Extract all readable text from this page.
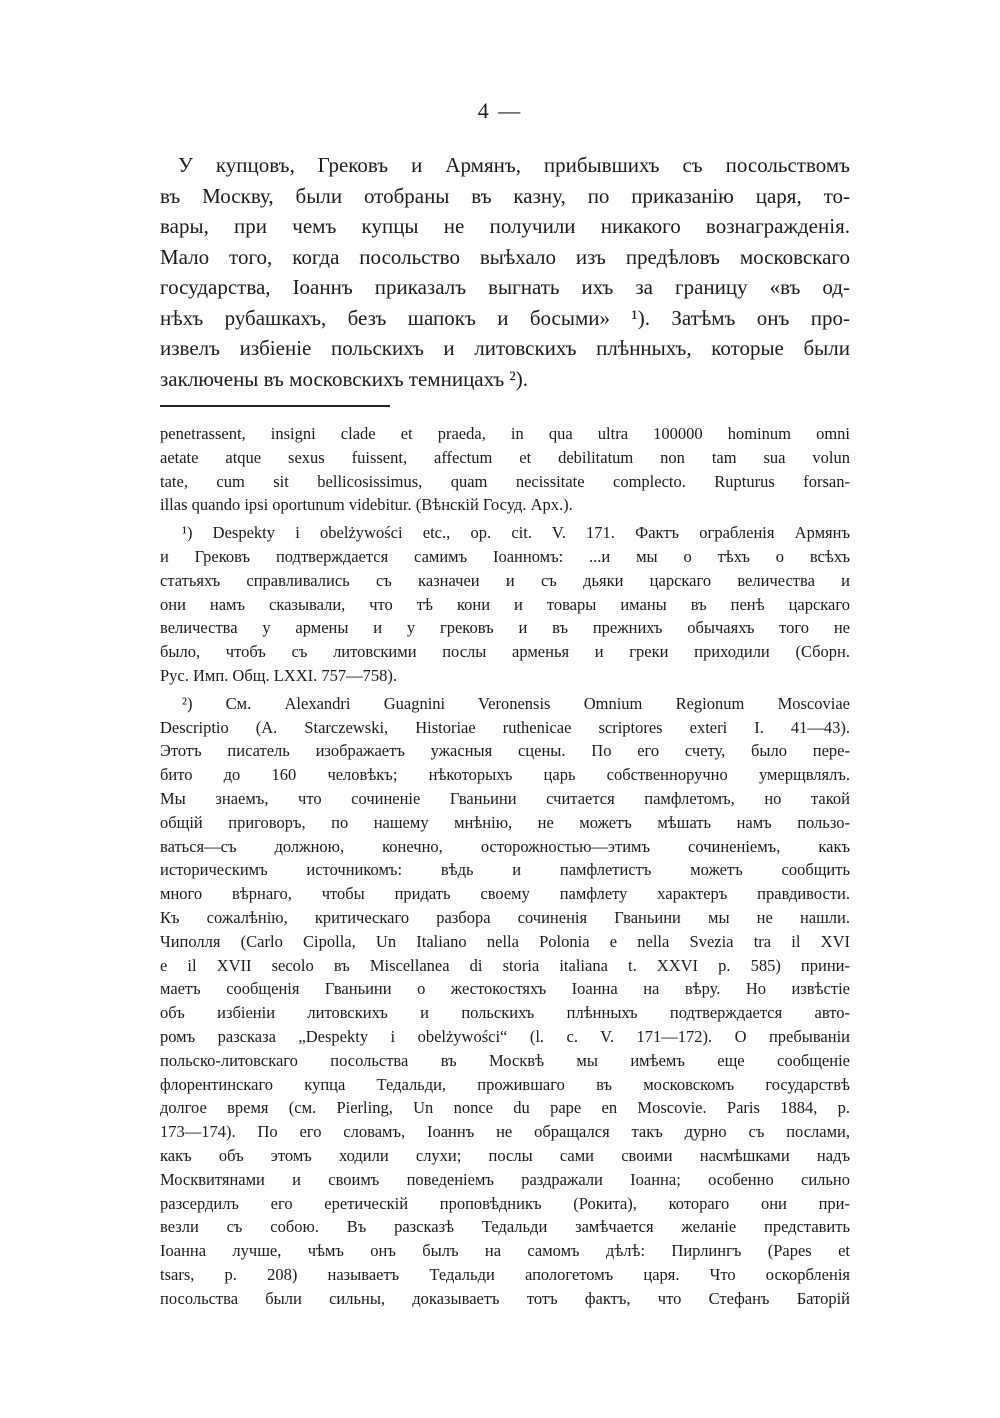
4 —
У купцовъ, Грековъ и Армянъ, прибывшихъ съ посольствомъ
въ Москву, были отобраны въ казну, по приказанію царя, то-
вары, при чемъ купцы не получили никакого вознагражденія.
Мало того, когда посольство выѣхало изъ предѣловъ московскаго
государства, Іоаннъ приказалъ выгнать ихъ за границу «въ од-
нѣхъ рубашкахъ, безъ шапокъ и босыми» ¹). Затѣмъ онъ про-
извелъ избіеніе польскихъ и литовскихъ плѣнныхъ, которые были
заключены въ московскихъ темницахъ ²).
penetrassent, insigni clade et praeda, in qua ultra 100000 hominum omni
aetate atque sexus fuissent, affectum et debilitatum non tam sua volun
tate, cum sit bellicosissimus, quam necissitate complecto. Rupturus forsan-
illas quando ipsi oportunum videbitur. (Вѣнскій Госуд. Арх.).
¹) Despekty i obelżywości etc., op. cit. V. 171. Фактъ ограбленія Армянъ
и Грековъ подтверждается самимъ Іоанномъ: ...и мы о тѣхъ о всѣхъ
статьяхъ справливались съ казначеи и съ дьяки царскаго величества и
они намъ сказывали, что тѣ кони и товары иманы въ пенѣ царскаго
величества у армены и у грековъ и въ прежнихъ обычаяхъ того не
было, чтобъ съ литовскими послы арменья и греки приходили (Сборн.
Рус. Имп. Общ. LXXI. 757—758).
²) См. Alexandri Guagnini Veronensis Omnium Regionum Moscoviae
Descriptio (A. Starczewski, Historiae ruthenicae scriptores exteri I. 41—43).
Этотъ писатель изображаетъ ужасныя сцены. По его счету, было пере-
бито до 160 человѣкъ; нѣкоторыхъ царь собственноручно умерщвлялъ.
Мы знаемъ, что сочиненіе Гваньини считается памфлетомъ, но такой
общій приговоръ, по нашему мнѣнію, не можетъ мѣшать намъ пользо-
ваться—съ должною, конечно, осторожностью—этимъ сочиненіемъ, какъ
историческимъ источникомъ: вѣдь и памфлетистъ можетъ сообщить
много вѣрнаго, чтобы придать своему памфлету характеръ правдивости.
Къ сожалѣнію, критическаго разбора сочиненія Гваньини мы не нашли.
Чиполля (Carlo Cipolla, Un Italiano nella Polonia e nella Svezia tra il XVI
e il XVII secolo въ Miscellanea di storia italiana t. XXVI p. 585) прини-
маетъ сообщенія Гваньини о жестокостяхъ Іоанна на вѣру. Но извѣстіе
объ избіеніи литовскихъ и польскихъ плѣнныхъ подтверждается авто-
ромъ разсказа „Despekty i obelżywości“ (l. c. V. 171—172). О пребываніи
польско-литовскаго посольства въ Москвѣ мы имѣемъ еще сообщеніе
флорентинскаго купца Тедальди, прожившаго въ московскомъ государствѣ
долгое время (см. Pierling, Un nonce du pape en Moscovie. Paris 1884, p.
173—174). По его словамъ, Іоаннъ не обращался такъ дурно съ послами,
какъ объ этомъ ходили слухи; послы сами своими насмѣшками надъ
Москвитянами и своимъ поведеніемъ раздражали Іоанна; особенно сильно
разсердилъ его еретическій проповѣдникъ (Рокита), котораго они при-
везли съ собою. Въ разсказѣ Тедальди замѣчается желаніе представить
Іоанна лучше, чѣмъ онъ былъ на самомъ дѣлѣ: Пирлингъ (Papes et
tsars, p. 208) называетъ Тедальди апологетомъ царя. Что оскорбленія
посольства были сильны, доказываетъ тотъ фактъ, что Стефанъ Баторій
